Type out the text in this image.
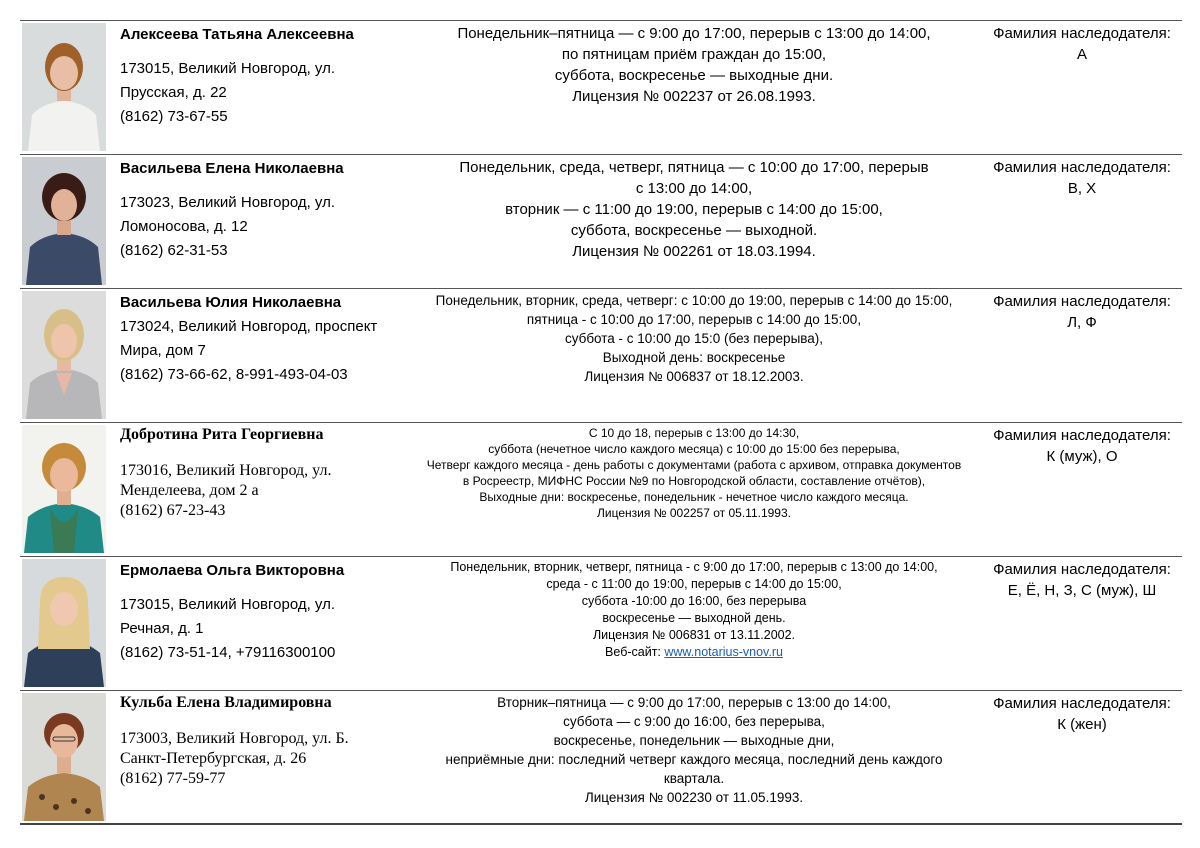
Алексеева Татьяна Алексеевна
173015, Великий Новгород, ул.
Прусская, д. 22
(8162) 73-67-55
Понедельник–пятница — с 9:00 до 17:00, перерыв с 13:00 до 14:00,
по пятницам приём граждан до 15:00,
суббота, воскресенье — выходные дни.
Лицензия № 002237 от 26.08.1993.
Фамилия наследодателя:
А
Васильева Елена Николаевна
173023, Великий Новгород, ул.
Ломоносова, д. 12
(8162) 62-31-53
Понедельник, среда, четверг, пятница — с 10:00 до 17:00, перерыв
с 13:00 до 14:00,
вторник — с 11:00 до 19:00, перерыв с 14:00 до 15:00,
суббота, воскресенье — выходной.
Лицензия № 002261 от 18.03.1994.
Фамилия наследодателя:
В, Х
Васильева Юлия Николаевна
173024, Великий Новгород, проспект
Мира, дом 7
(8162) 73-66-62, 8-991-493-04-03
Понедельник, вторник, среда, четверг: с 10:00 до 19:00, перерыв с 14:00 до 15:00,
пятница - с 10:00 до 17:00, перерыв с 14:00 до 15:00,
суббота - с 10:00 до 15:0 (без перерыва),
Выходной день: воскресенье
Лицензия № 006837 от 18.12.2003.
Фамилия наследодателя:
Л, Ф
Добротина Рита Георгиевна
173016, Великий Новгород, ул.
Менделеева, дом 2 а
(8162) 67-23-43
С 10 до 18, перерыв с 13:00 до 14:30,
суббота (нечетное число каждого месяца) с 10:00 до 15:00 без перерыва,
Четверг каждого месяца - день работы с документами (работа с архивом, отправка документов
в Росреестр, МИФНС России №9 по Новгородской области, составление отчётов),
Выходные дни: воскресенье, понедельник - нечетное число каждого месяца.
Лицензия № 002257 от 05.11.1993.
Фамилия наследодателя:
К (муж), О
Ермолаева Ольга Викторовна
173015, Великий Новгород, ул.
Речная, д. 1
(8162) 73-51-14, +79116300100
Понедельник, вторник, четверг, пятница - с 9:00 до 17:00, перерыв с 13:00 до 14:00,
среда - с 11:00 до 19:00, перерыв с 14:00 до 15:00,
суббота -10:00 до 16:00, без перерыва
воскресенье — выходной день.
Лицензия № 006831 от 13.11.2002.
Веб-сайт: www.notarius-vnov.ru
Фамилия наследодателя:
Е, Ё, Н, З, С (муж), Ш
Кульба Елена Владимировна
173003, Великий Новгород, ул. Б.
Санкт-Петербургская, д. 26
(8162) 77-59-77
Вторник–пятница — с 9:00 до 17:00, перерыв с 13:00 до 14:00,
суббота — с 9:00 до 16:00, без перерыва,
воскресенье, понедельник — выходные дни,
неприёмные дни: последний четверг каждого месяца, последний день каждого
квартала.
Лицензия № 002230 от 11.05.1993.
Фамилия наследодателя:
К (жен)
